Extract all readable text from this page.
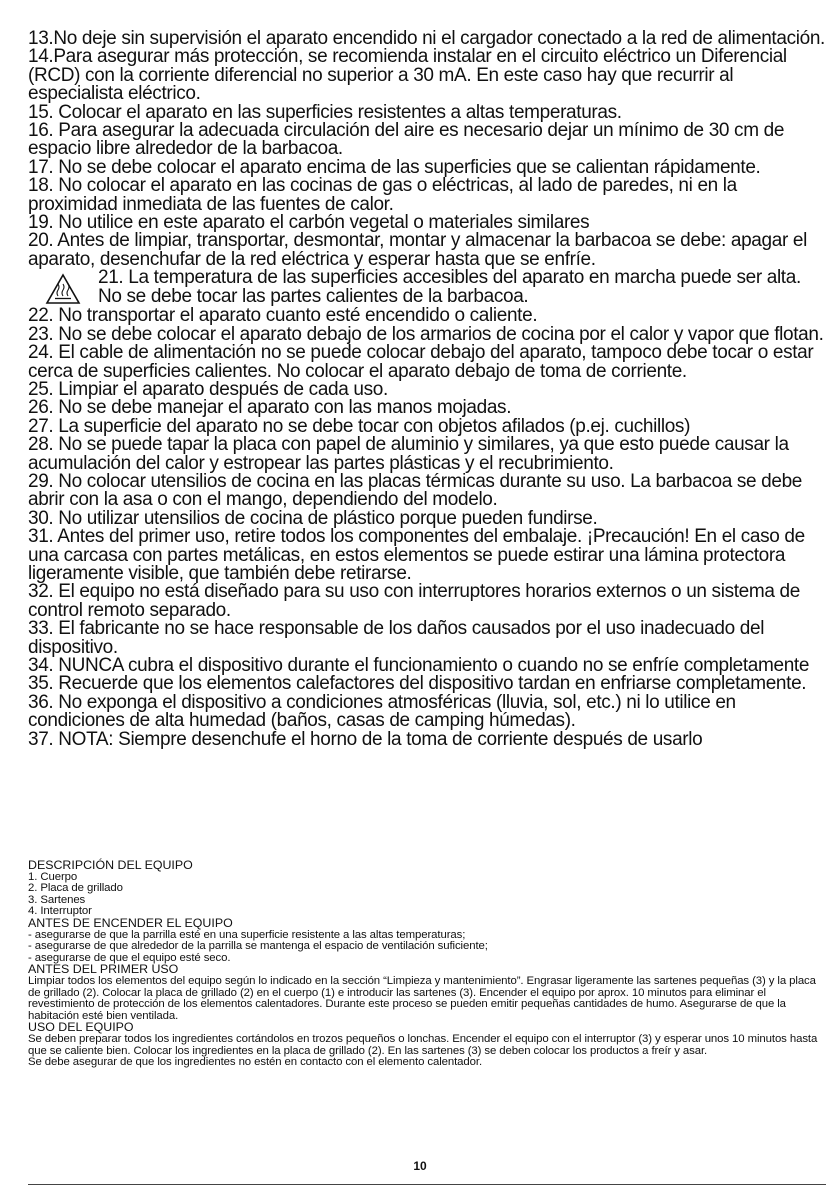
13.No deje sin supervisión el aparato encendido ni el cargador conectado a la red de alimentación.

14.Para asegurar más protección, se recomienda instalar en el circuito eléctrico un Diferencial (RCD) con la corriente diferencial no superior a 30 mA. En este caso hay que recurrir al especialista eléctrico.

15. Colocar el aparato en las superficies resistentes a altas temperaturas.

16. Para asegurar la adecuada circulación del aire es necesario dejar un mínimo de 30 cm de espacio libre alrededor de la barbacoa.

17. No se debe colocar el aparato encima de las superficies que se calientan rápidamente.

18. No colocar el aparato en las cocinas de gas o eléctricas, al lado de paredes, ni en la proximidad inmediata de las fuentes de calor.

19. No utilice en este aparato el carbón vegetal o materiales similares

20. Antes de limpiar, transportar, desmontar, montar y almacenar la barbacoa se debe: apagar el aparato, desenchufar de la red eléctrica y esperar hasta que se enfríe.

21. La temperatura de las superficies accesibles del aparato en marcha puede ser alta. No se debe tocar las partes calientes de la barbacoa.

22. No transportar el aparato cuanto esté encendido o caliente.

23. No se debe colocar el aparato debajo de los armarios de cocina por el calor y vapor que flotan.

24. El cable de alimentación no se puede colocar debajo del aparato, tampoco debe tocar o estar cerca de superficies calientes. No colocar el aparato debajo de toma de corriente.

25. Limpiar el aparato después de cada uso.

26. No se debe manejar el aparato con las manos mojadas.

27. La superficie del aparato no se debe tocar con objetos afilados (p.ej. cuchillos)

28. No se puede tapar la placa con papel de aluminio y similares, ya que esto puede causar la acumulación del calor y estropear las partes plásticas y el recubrimiento.

29. No colocar utensilios de cocina en las placas térmicas durante su uso. La barbacoa se debe abrir con la asa o con el mango, dependiendo del modelo.

30. No utilizar utensilios de cocina de plástico porque pueden fundirse.

31. Antes del primer uso, retire todos los componentes del embalaje. ¡Precaución! En el caso de una carcasa con partes metálicas, en estos elementos se puede estirar una lámina protectora ligeramente visible, que también debe retirarse.

32. El equipo no está diseñado para su uso con interruptores horarios externos o un sistema de control remoto separado.

33. El fabricante no se hace responsable de los daños causados por el uso inadecuado del dispositivo.

34. NUNCA cubra el dispositivo durante el funcionamiento o cuando no se enfríe completamente

35. Recuerde que los elementos calefactores del dispositivo tardan en enfriarse completamente.

36. No exponga el dispositivo a condiciones atmosféricas (lluvia, sol, etc.) ni lo utilice en condiciones de alta humedad (baños, casas de camping húmedas).

37. NOTA: Siempre desenchufe el horno de la toma de corriente después de usarlo

DESCRIPCIÓN DEL EQUIPO

1. Cuerpo

2. Placa de grillado

3. Sartenes

4. Interruptor

ANTES DE ENCENDER EL EQUIPO

- asegurarse de que la parrilla esté en una superficie resistente a las altas temperaturas;

- asegurarse de que alrededor de la parrilla se mantenga el espacio de ventilación suficiente;

- asegurarse de que el equipo esté seco.

ANTES DEL PRIMER USO

Limpiar todos los elementos del equipo según lo indicado en la sección “Limpieza y mantenimiento”. Engrasar ligeramente las sartenes pequeñas (3) y la placa de grillado (2). Colocar la placa de grillado (2) en el cuerpo (1) e introducir las sartenes (3). Encender el equipo por aprox. 10 minutos para eliminar el revestimiento de protección de los elementos calentadores. Durante este proceso se pueden emitir pequeñas cantidades de humo. Asegurarse de que la habitación esté bien ventilada.

USO DEL EQUIPO

Se deben preparar todos los ingredientes cortándolos en trozos pequeños o lonchas. Encender el equipo con el interruptor (3) y esperar unos 10 minutos hasta que se caliente bien. Colocar los ingredientes en la placa de grillado (2). En las sartenes (3) se deben colocar los productos a freír y asar.

Se debe asegurar de que los ingredientes no estén en contacto con el elemento calentador.

10
